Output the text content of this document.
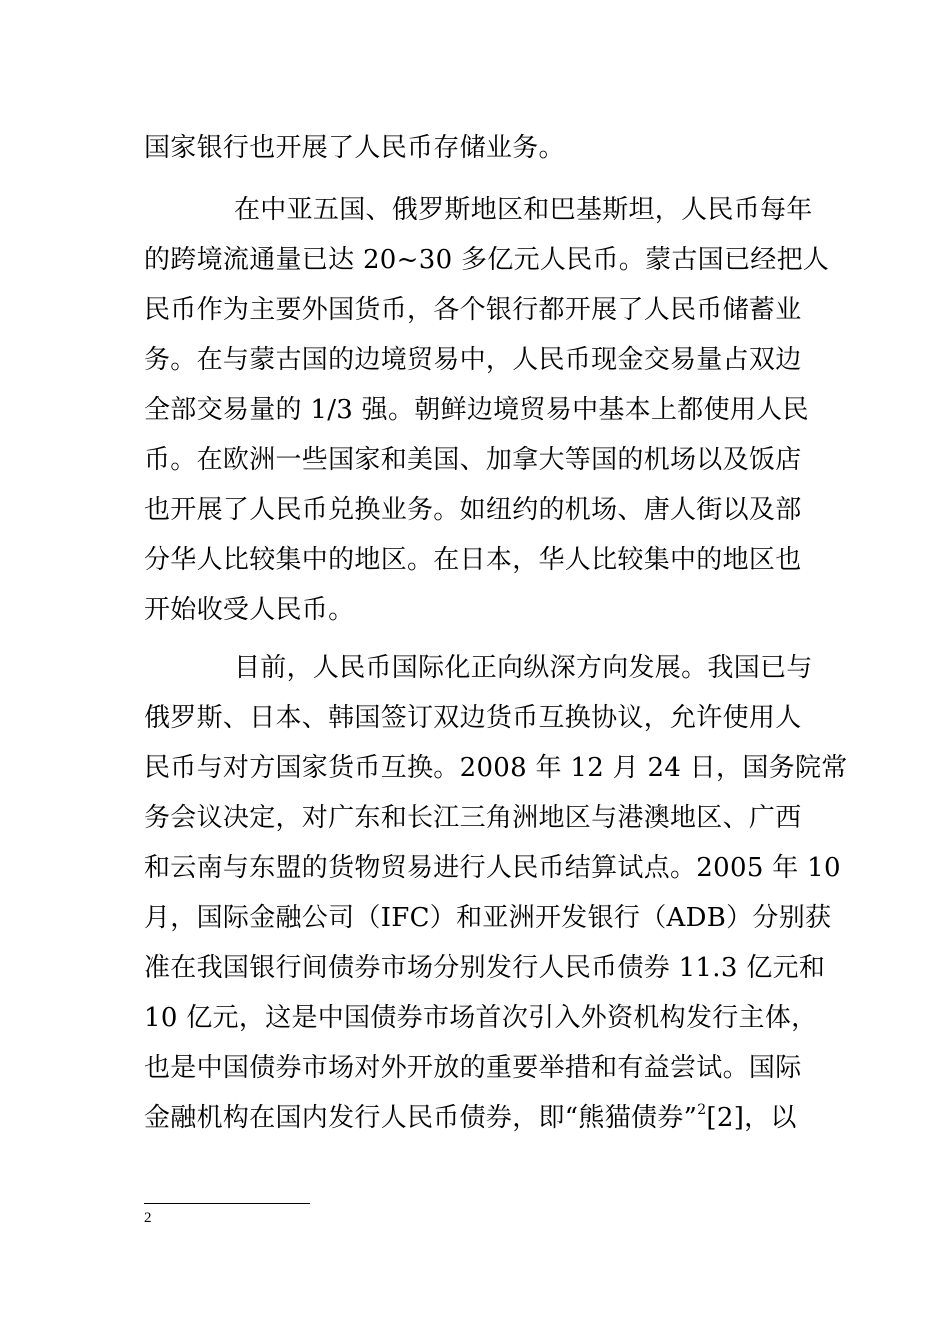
国家银行也开展了人民币存储业务。
在中亚五国、俄罗斯地区和巴基斯坦，人民币每年
的跨境流通量已达 20~30 多亿元人民币。蒙古国已经把人
民币作为主要外国货币，各个银行都开展了人民币储蓄业
务。在与蒙古国的边境贸易中，人民币现金交易量占双边
全部交易量的 1/3 强。朝鲜边境贸易中基本上都使用人民
币。在欧洲一些国家和美国、加拿大等国的机场以及饭店
也开展了人民币兑换业务。如纽约的机场、唐人街以及部
分华人比较集中的地区。在日本，华人比较集中的地区也
开始收受人民币。
目前，人民币国际化正向纵深方向发展。我国已与
俄罗斯、日本、韩国签订双边货币互换协议，允许使用人
民币与对方国家货币互换。2008 年 12 月 24 日，国务院常
务会议决定，对广东和长江三角洲地区与港澳地区、广西
和云南与东盟的货物贸易进行人民币结算试点。2005 年 10
月，国际金融公司（IFC）和亚洲开发银行（ADB）分别获
准在我国银行间债券市场分别发行人民币债券 11.3 亿元和
10 亿元，这是中国债券市场首次引入外资机构发行主体，
也是中国债券市场对外开放的重要举措和有益尝试。国际
金融机构在国内发行人民币债券，即“熊猫债券”$^2$[2]，以
2
